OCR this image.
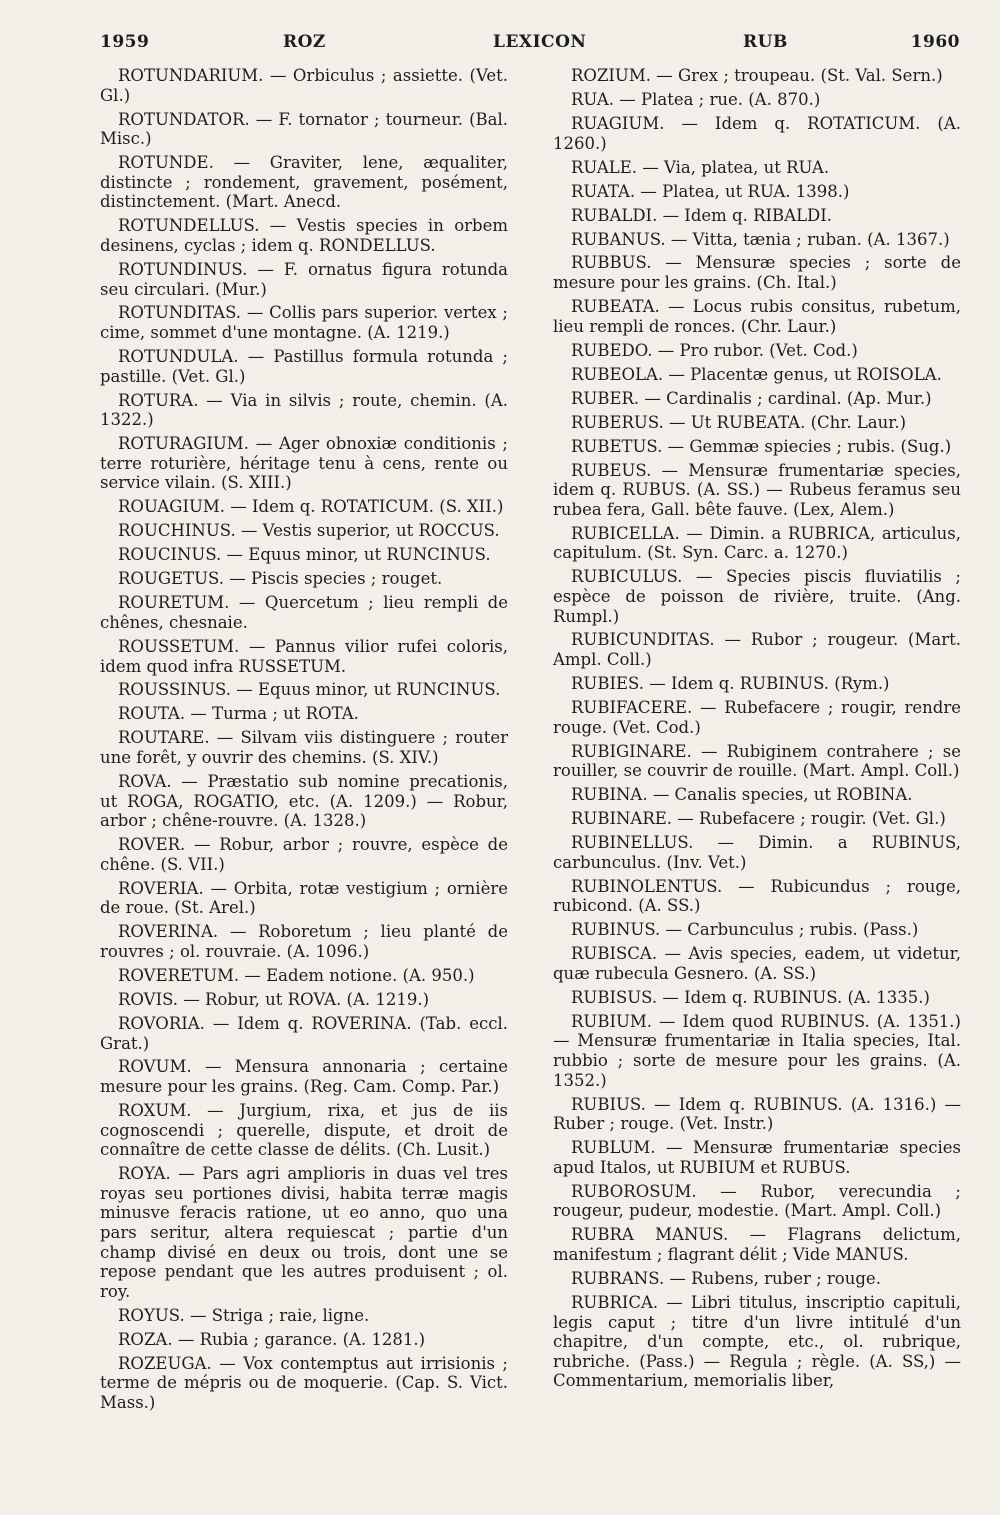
1959	ROZ	LEXICON	RUB	1960

ROTUNDARIUM. — Orbiculus ; assiette. (Vet. Gl.)

ROTUNDATOR. — F. tornator ; tourneur. (Bal. Misc.)

ROTUNDE. — Graviter, lene, æqualiter, distincte ; rondement, gravement, posément, distinctement. (Mart. Anecd.

ROTUNDELLUS. — Vestis species in orbem desinens, cyclas ; idem q. RONDELLUS.

ROTUNDINUS. — F. ornatus figura rotunda seu circulari. (Mur.)

ROTUNDITAS. — Collis pars superior. vertex ; cime, sommet d'une montagne. (A. 1219.)

ROTUNDULA. — Pastillus formula rotunda ; pastille. (Vet. Gl.)

ROTURA. — Via in silvis ; route, chemin. (A. 1322.)

ROTURAGIUM. — Ager obnoxiæ conditionis ; terre roturière, héritage tenu à cens, rente ou service vilain. (S. XIII.)

ROUAGIUM. — Idem q. ROTATICUM. (S. XII.)

ROUCHINUS. — Vestis superior, ut ROCCUS.

ROUCINUS. — Equus minor, ut RUNCINUS.

ROUGETUS. — Piscis species ; rouget.

ROURETUM. — Quercetum ; lieu rempli de chênes, chesnaie.

ROUSSETUM. — Pannus vilior rufei coloris, idem quod infra RUSSETUM.

ROUSSINUS. — Equus minor, ut RUNCINUS.

ROUTA. — Turma ; ut ROTA.

ROUTARE. — Silvam viis distinguere ; router une forêt, y ouvrir des chemins. (S. XIV.)

ROVA. — Præstatio sub nomine precationis, ut ROGA, ROGATIO, etc. (A. 1209.) — Robur, arbor ; chêne-rouvre. (A. 1328.)

ROVER. — Robur, arbor ; rouvre, espèce de chêne. (S. VII.)

ROVERIA. — Orbita, rotæ vestigium ; ornière de roue. (St. Arel.)

ROVERINA. — Roboretum ; lieu planté de rouvres ; ol. rouvraie. (A. 1096.)

ROVERETUM. — Eadem notione. (A. 950.)

ROVIS. — Robur, ut ROVA. (A. 1219.)

ROVORIA. — Idem q. ROVERINA. (Tab. eccl. Grat.)

ROVUM. — Mensura annonaria ; certaine mesure pour les grains. (Reg. Cam. Comp. Par.)

ROXUM. — Jurgium, rixa, et jus de iis cognoscendi ; querelle, dispute, et droit de connaître de cette classe de délits. (Ch. Lusit.)

ROYA. — Pars agri amplioris in duas vel tres royas seu portiones divisi, habita terræ magis minusve feracis ratione, ut eo anno, quo una pars seritur, altera requiescat ; partie d'un champ divisé en deux ou trois, dont une se repose pendant que les autres produisent ; ol. roy.

ROYUS. — Striga ; raie, ligne.

ROZA. — Rubia ; garance. (A. 1281.)

ROZEUGA. — Vox contemptus aut irrisionis ; terme de mépris ou de moquerie. (Cap. S. Vict. Mass.)

ROZIUM. — Grex ; troupeau. (St. Val. Sern.)

RUA. — Platea ; rue. (A. 870.)

RUAGIUM. — Idem q. ROTATICUM. (A. 1260.)

RUALE. — Via, platea, ut RUA.

RUATA. — Platea, ut RUA. 1398.)

RUBALDI. — Idem q. RIBALDI.

RUBANUS. — Vitta, tænia ; ruban. (A. 1367.)

RUBBUS. — Mensuræ species ; sorte de mesure pour les grains. (Ch. Ital.)

RUBEATA. — Locus rubis consitus, rubetum, lieu rempli de ronces. (Chr. Laur.)

RUBEDO. — Pro rubor. (Vet. Cod.)

RUBEOLA. — Placentæ genus, ut ROISOLA.

RUBER. — Cardinalis ; cardinal. (Ap. Mur.)

RUBERUS. — Ut RUBEATA. (Chr. Laur.)

RUBETUS. — Gemmæ spiecies ; rubis. (Sug.)

RUBEUS. — Mensuræ frumentariæ species, idem q. RUBUS. (A. SS.) — Rubeus feramus seu rubea fera, Gall. bête fauve. (Lex, Alem.)

RUBICELLA. — Dimin. a RUBRICA, articulus, capitulum. (St. Syn. Carc. a. 1270.)

RUBICULUS. — Species piscis fluviatilis ; espèce de poisson de rivière, truite. (Ang. Rumpl.)

RUBICUNDITAS. — Rubor ; rougeur. (Mart. Ampl. Coll.)

RUBIES. — Idem q. RUBINUS. (Rym.)

RUBIFACERE. — Rubefacere ; rougir, rendre rouge. (Vet. Cod.)

RUBIGINARE. — Rubiginem contrahere ; se rouiller, se couvrir de rouille. (Mart. Ampl. Coll.)

RUBINA. — Canalis species, ut ROBINA.

RUBINARE. — Rubefacere ; rougir. (Vet. Gl.)

RUBINELLUS. — Dimin. a RUBINUS, carbunculus. (Inv. Vet.)

RUBINOLENTUS. — Rubicundus ; rouge, rubicond. (A. SS.)

RUBINUS. — Carbunculus ; rubis. (Pass.)

RUBISCA. — Avis species, eadem, ut videtur, quæ rubecula Gesnero. (A. SS.)

RUBISUS. — Idem q. RUBINUS. (A. 1335.)

RUBIUM. — Idem quod RUBINUS. (A. 1351.) — Mensuræ frumentariæ in Italia species, Ital. rubbio ; sorte de mesure pour les grains. (A. 1352.)

RUBIUS. — Idem q. RUBINUS. (A. 1316.) — Ruber ; rouge. (Vet. Instr.)

RUBLUM. — Mensuræ frumentariæ species apud Italos, ut RUBIUM et RUBUS.

RUBOROSUM. — Rubor, verecundia ; rougeur, pudeur, modestie. (Mart. Ampl. Coll.)

RUBRA MANUS. — Flagrans delictum, manifestum ; flagrant délit ; Vide MANUS.

RUBRANS. — Rubens, ruber ; rouge.

RUBRICA. — Libri titulus, inscriptio capituli, legis caput ; titre d'un livre intitulé d'un chapitre, d'un compte, etc., ol. rubrique, rubriche. (Pass.) — Regula ; règle. (A. SS,) — Commentarium, memorialis liber,
